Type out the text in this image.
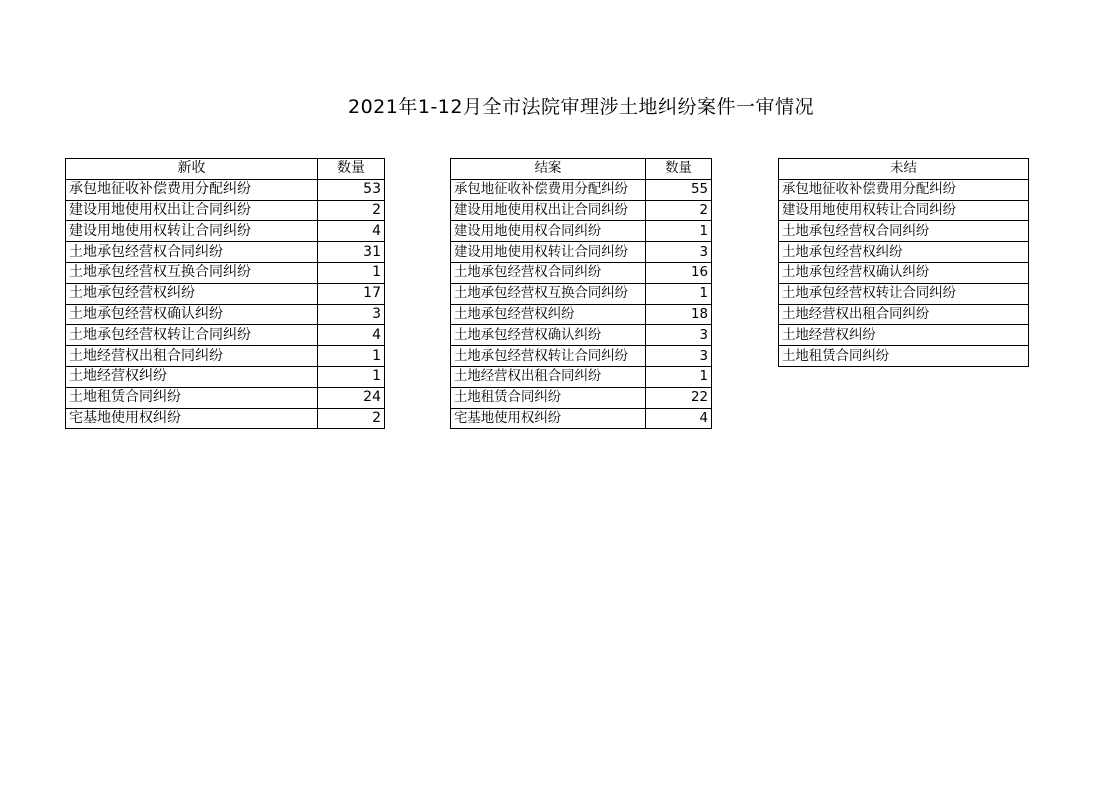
2021年1-12月全市法院审理涉土地纠纷案件一审情况
新收	数量
承包地征收补偿费用分配纠纷	53
建设用地使用权出让合同纠纷	2
建设用地使用权转让合同纠纷	4
土地承包经营权合同纠纷	31
土地承包经营权互换合同纠纷	1
土地承包经营权纠纷	17
土地承包经营权确认纠纷	3
土地承包经营权转让合同纠纷	4
土地经营权出租合同纠纷	1
土地经营权纠纷	1
土地租赁合同纠纷	24
宅基地使用权纠纷	2
结案	数量
承包地征收补偿费用分配纠纷	55
建设用地使用权出让合同纠纷	2
建设用地使用权合同纠纷	1
建设用地使用权转让合同纠纷	3
土地承包经营权合同纠纷	16
土地承包经营权互换合同纠纷	1
土地承包经营权纠纷	18
土地承包经营权确认纠纷	3
土地承包经营权转让合同纠纷	3
土地经营权出租合同纠纷	1
土地租赁合同纠纷	22
宅基地使用权纠纷	4
未结
承包地征收补偿费用分配纠纷
建设用地使用权转让合同纠纷
土地承包经营权合同纠纷
土地承包经营权纠纷
土地承包经营权确认纠纷
土地承包经营权转让合同纠纷
土地经营权出租合同纠纷
土地经营权纠纷
土地租赁合同纠纷
